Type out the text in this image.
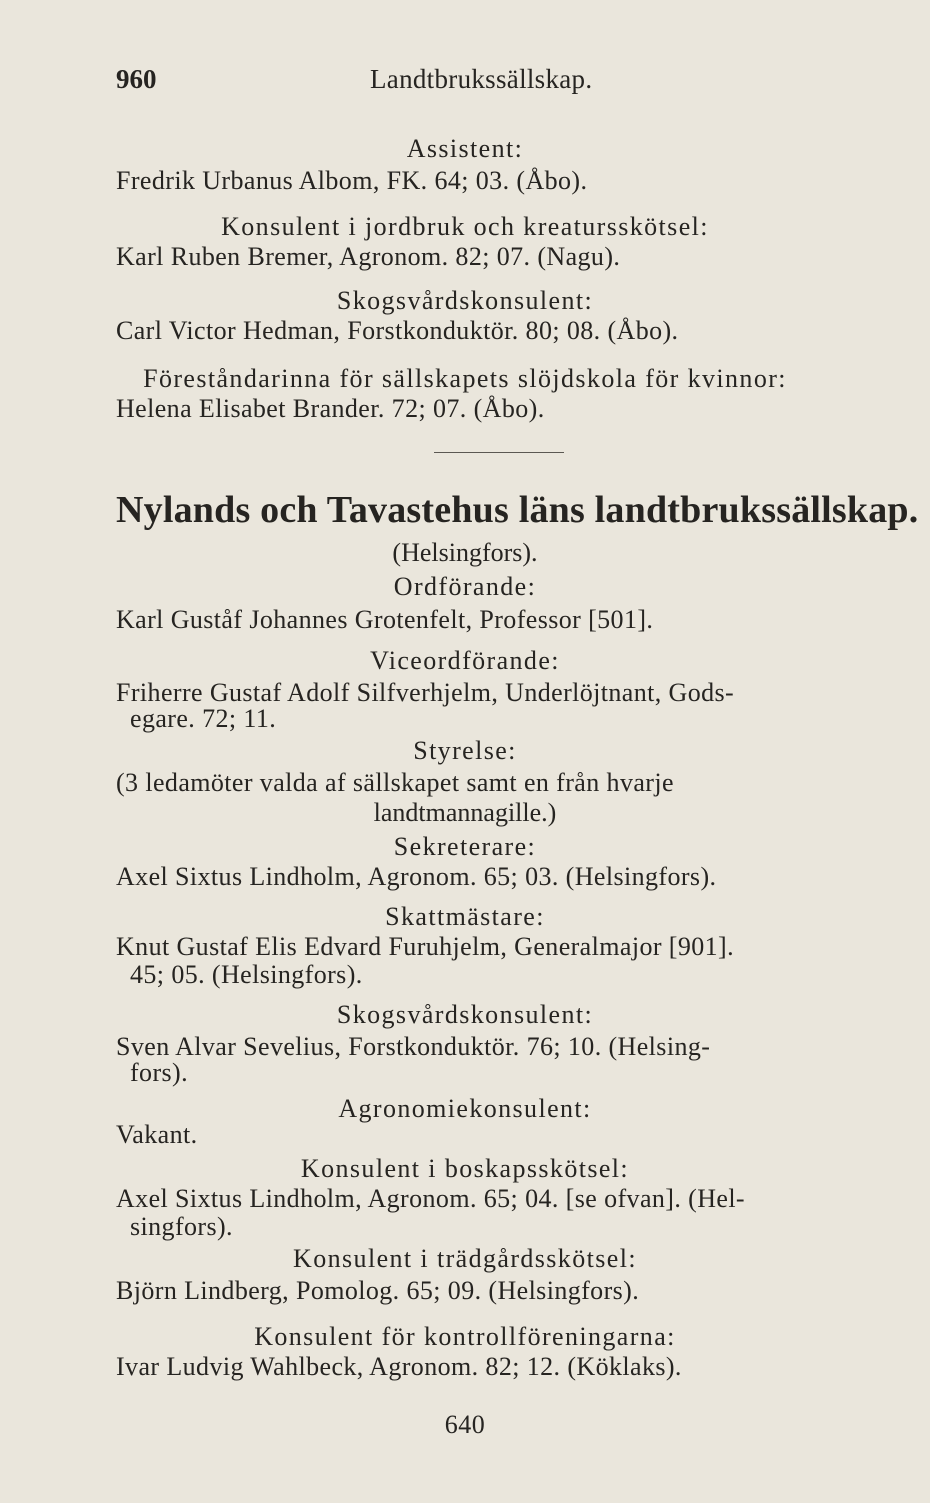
960	Landtbrukssällskap.
Assistent:
Fredrik Urbanus Albom, FK. 64; 03. (Åbo).
Konsulent i jordbruk och kreatursskötsel:
Karl Ruben Bremer, Agronom. 82; 07. (Nagu).
Skogsvårdskonsulent:
Carl Victor Hedman, Forstkonduktör. 80; 08. (Åbo).
Föreståndarinna för sällskapets slöjdskola för kvinnor:
Helena Elisabet Brander. 72; 07. (Åbo).
Nylands och Tavastehus läns landtbrukssällskap.
(Helsingfors).
Ordförande:
Karl Guståf Johannes Grotenfelt, Professor [501].
Viceordförande:
Friherre Gustaf Adolf Silfverhjelm, Underlöjtnant, Gods-
egare. 72; 11.
Styrelse:
(3 ledamöter valda af sällskapet samt en från hvarje
landtmannagille.)
Sekreterare:
Axel Sixtus Lindholm, Agronom. 65; 03. (Helsingfors).
Skattmästare:
Knut Gustaf Elis Edvard Furuhjelm, Generalmajor [901].
45; 05. (Helsingfors).
Skogsvårdskonsulent:
Sven Alvar Sevelius, Forstkonduktör. 76; 10. (Helsing-
fors).
Agronomiekonsulent:
Vakant.
Konsulent i boskapsskötsel:
Axel Sixtus Lindholm, Agronom. 65; 04. [se ofvan]. (Hel-
singfors).
Konsulent i trädgårdsskötsel:
Björn Lindberg, Pomolog. 65; 09. (Helsingfors).
Konsulent för kontrollföreningarna:
Ivar Ludvig Wahlbeck, Agronom. 82; 12. (Köklaks).
640
